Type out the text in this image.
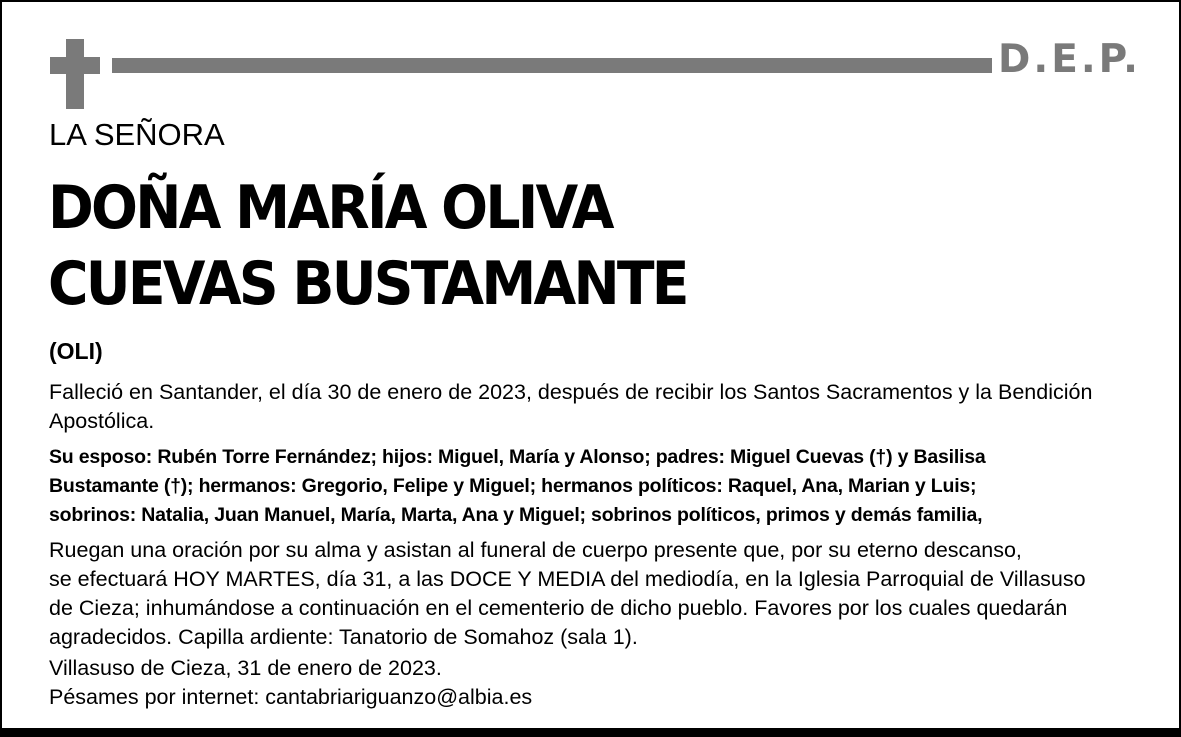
D.E.P.
LA SEÑORA
DOÑA MARÍA OLIVA
CUEVAS BUSTAMANTE
(OLI)
Falleció en Santander, el día 30 de enero de 2023, después de recibir los Santos Sacramentos y la Bendición
Apostólica.
Su esposo: Rubén Torre Fernández; hijos: Miguel, María y Alonso; padres: Miguel Cuevas (†) y Basilisa
Bustamante (†); hermanos: Gregorio, Felipe y Miguel; hermanos políticos: Raquel, Ana, Marian y Luis;
sobrinos: Natalia, Juan Manuel, María, Marta, Ana y Miguel; sobrinos políticos, primos y demás familia,
Ruegan una oración por su alma y asistan al funeral de cuerpo presente que, por su eterno descanso,
se efectuará HOY MARTES, día 31, a las DOCE Y MEDIA del mediodía, en la Iglesia Parroquial de Villasuso
de Cieza; inhumándose a continuación en el cementerio de dicho pueblo. Favores por los cuales quedarán
agradecidos. Capilla ardiente: Tanatorio de Somahoz (sala 1).
Villasuso de Cieza, 31 de enero de 2023.
Pésames por internet: cantabriariguanzo@albia.es
